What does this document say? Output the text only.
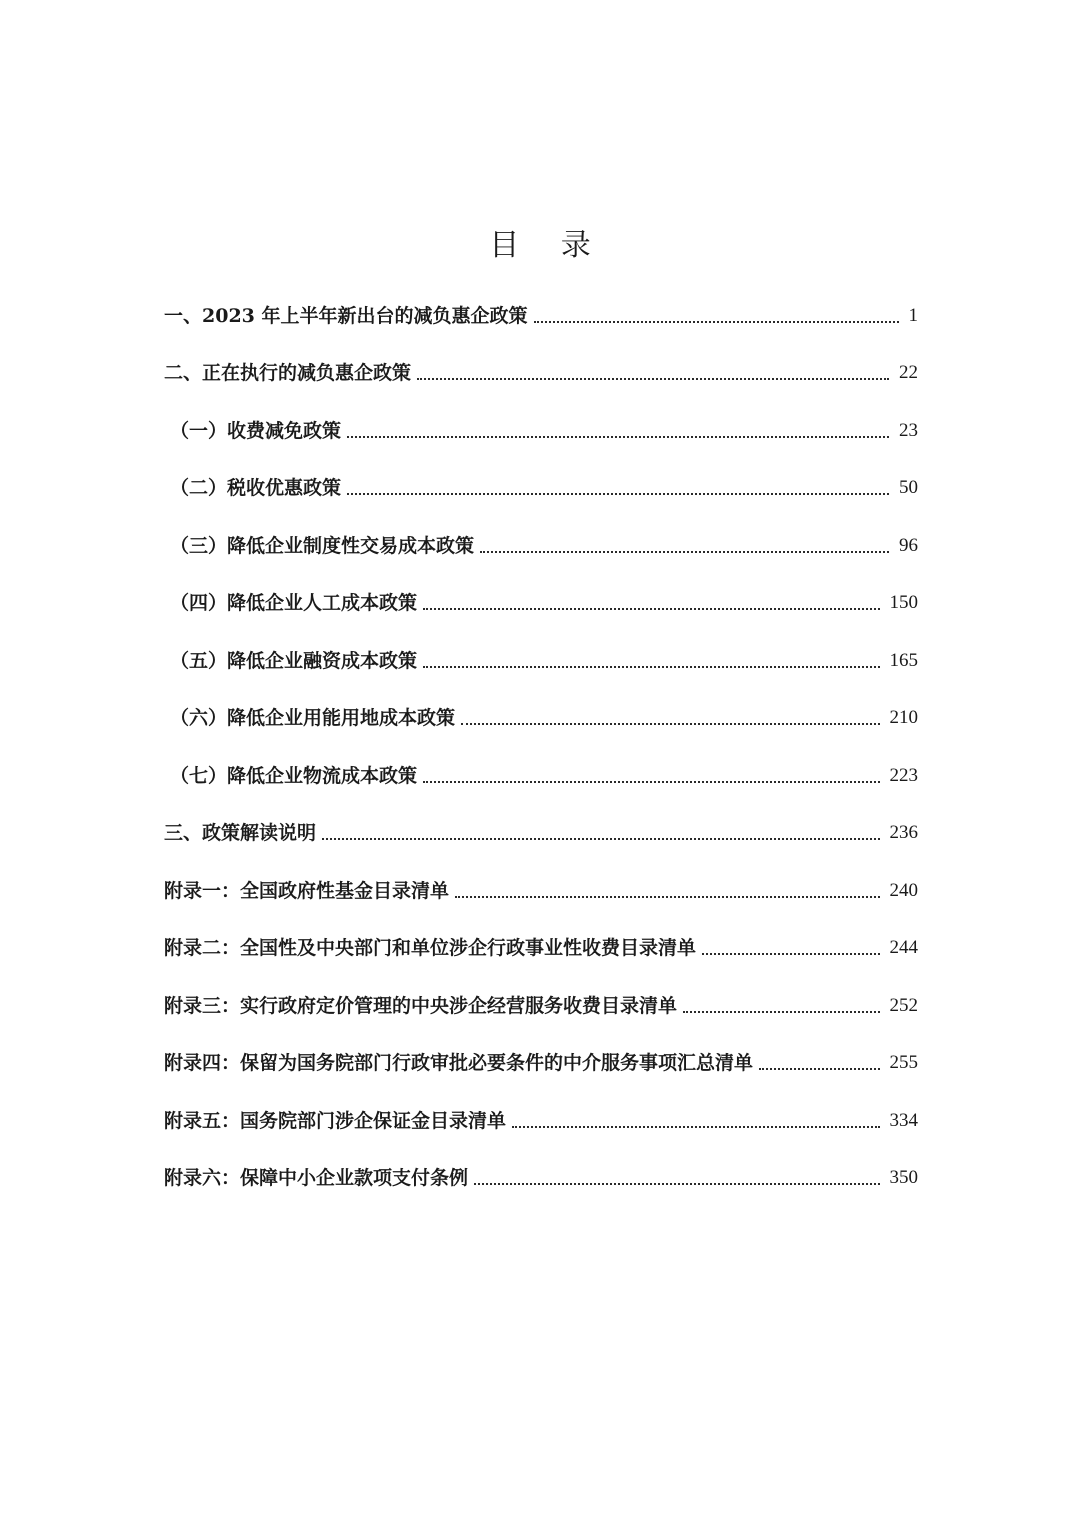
目 录
一、2023 年上半年新出台的减负惠企政策	1
二、正在执行的减负惠企政策	22
（一）收费减免政策	23
（二）税收优惠政策	50
（三）降低企业制度性交易成本政策	96
（四）降低企业人工成本政策	150
（五）降低企业融资成本政策	165
（六）降低企业用能用地成本政策	210
（七）降低企业物流成本政策	223
三、政策解读说明	236
附录一：全国政府性基金目录清单	240
附录二：全国性及中央部门和单位涉企行政事业性收费目录清单	244
附录三：实行政府定价管理的中央涉企经营服务收费目录清单	252
附录四：保留为国务院部门行政审批必要条件的中介服务事项汇总清单	255
附录五：国务院部门涉企保证金目录清单	334
附录六：保障中小企业款项支付条例	350
